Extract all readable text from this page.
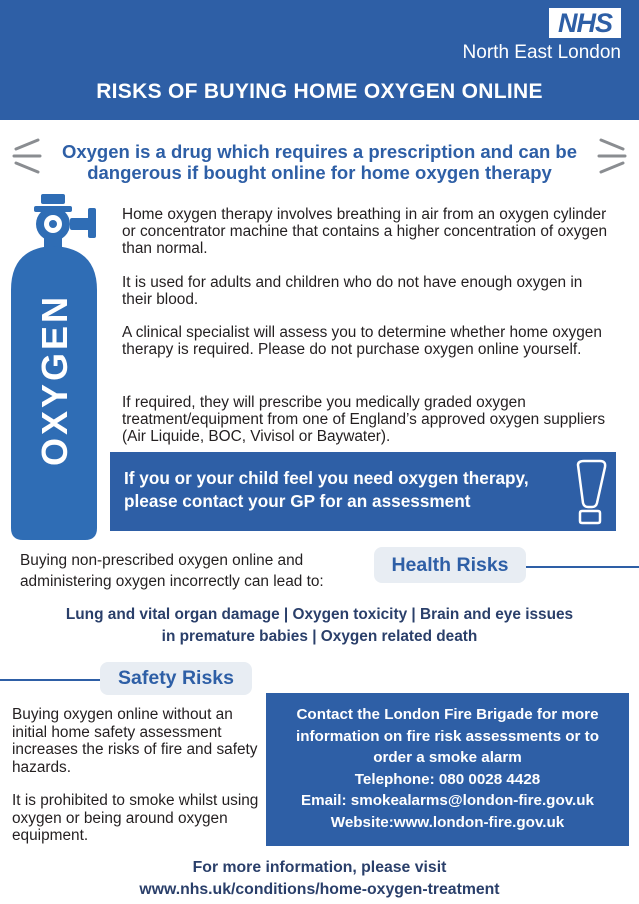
NHS
North East London
RISKS OF BUYING HOME OXYGEN ONLINE
Oxygen is a drug which requires a prescription and can be
dangerous if bought online for home oxygen therapy
OXYGEN
Home oxygen therapy involves breathing in air from an oxygen cylinder or concentrator machine that contains a higher concentration of oxygen than normal.
It is used for adults and children who do not have enough oxygen in their blood.
A clinical specialist will assess you to determine whether home oxygen therapy is required. Please do not purchase oxygen online yourself.
If required, they will prescribe you medically graded oxygen treatment/equipment from one of England’s approved oxygen suppliers (Air Liquide, BOC, Vivisol or Baywater).
If you or your child feel you need oxygen therapy,
please contact your GP for an assessment
Buying non-prescribed oxygen online and
administering oxygen incorrectly can lead to:
Health Risks
Lung and vital organ damage | Oxygen toxicity | Brain and eye issues
in premature babies | Oxygen related death
Safety Risks
Buying oxygen online without an initial home safety assessment increases the risks of fire and safety hazards.
It is prohibited to smoke whilst using oxygen or being around oxygen equipment.
Contact the London Fire Brigade for more
information on fire risk assessments or to
order a smoke alarm
Telephone: 080 0028 4428
Email: smokealarms@london-fire.gov.uk
Website:www.london-fire.gov.uk
For more information, please visit
www.nhs.uk/conditions/home-oxygen-treatment
